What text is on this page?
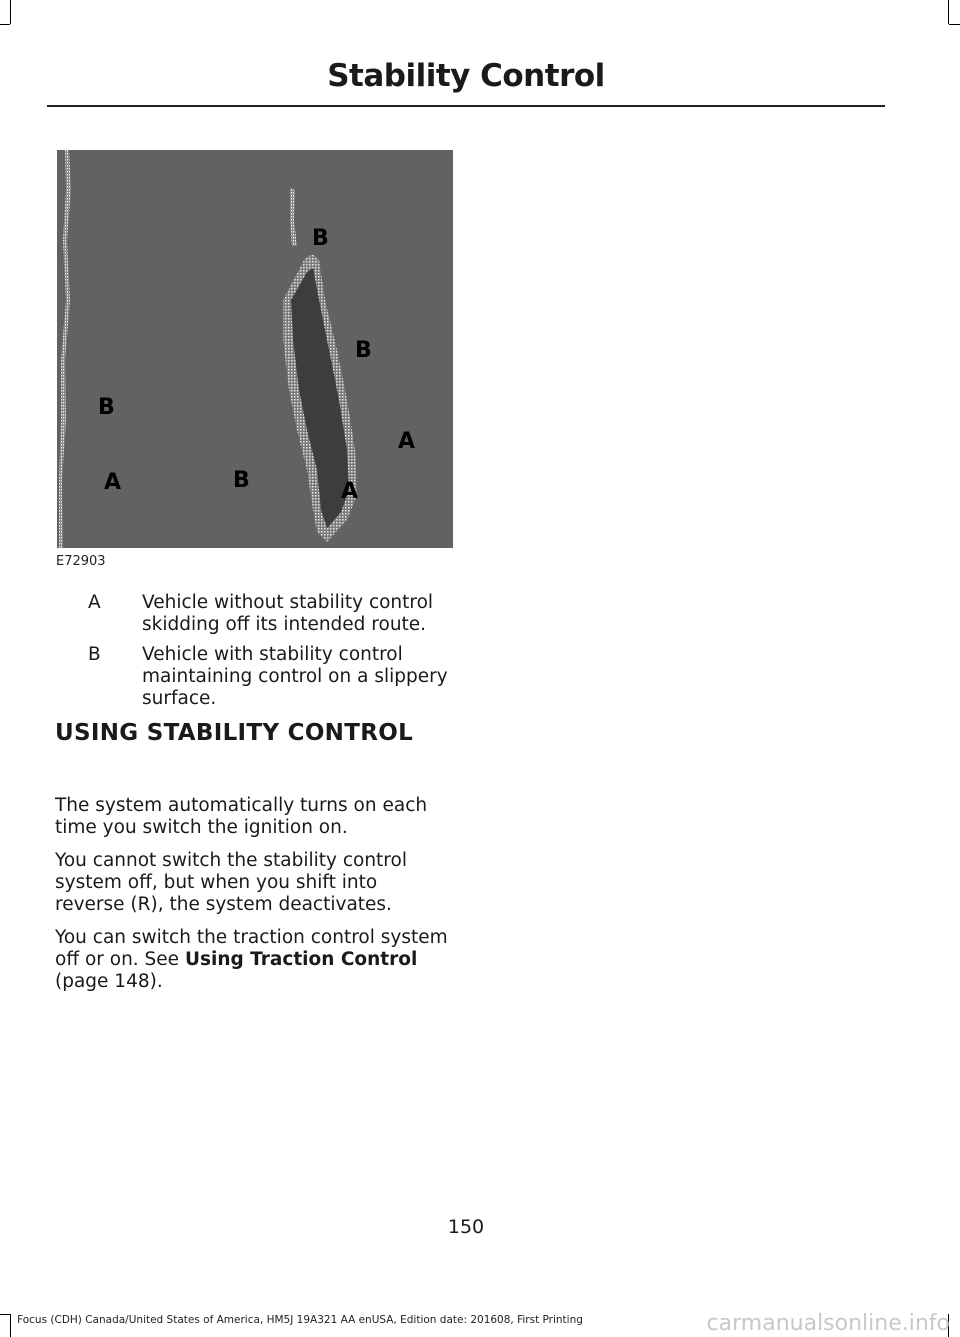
Stability Control
B
B
B
A
A	B	A
E72903
A	Vehicle without stability control skidding off its intended route.
B	Vehicle with stability control maintaining control on a slippery surface.
USING STABILITY CONTROL

The system automatically turns on each time you switch the ignition on.

You cannot switch the stability control system off, but when you shift into reverse (R), the system deactivates.

You can switch the traction control system off or on. See Using Traction Control (page 148).

150
Focus (CDH) Canada/United States of America, HM5J 19A321 AA enUSA, Edition date: 201608, First Printing	carmanualsonline.info
